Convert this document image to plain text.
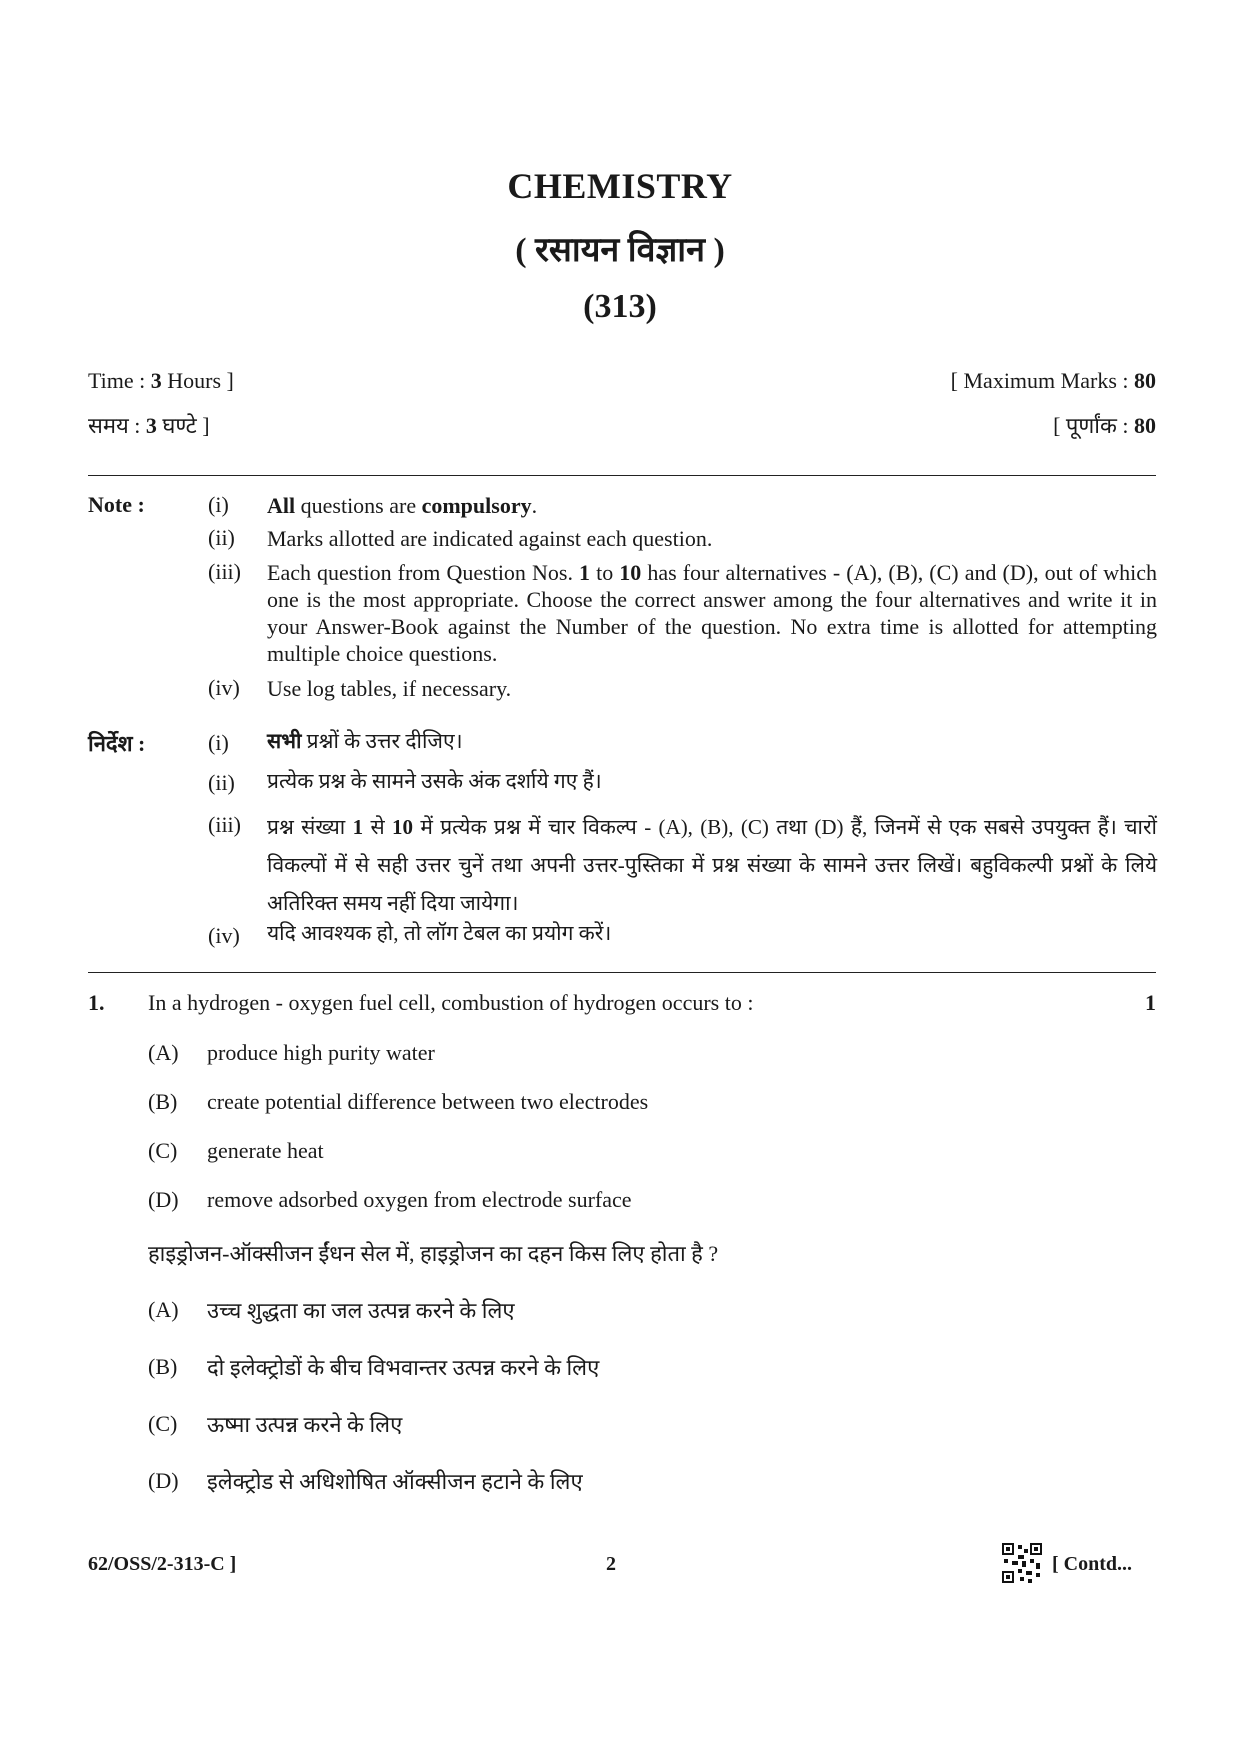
CHEMISTRY
( रसायन विज्ञान )
(313)
Time : 3 Hours ]	[ Maximum Marks : 80
समय : 3 घण्टे ]	[ पूर्णांक : 80
Note :	(i) All questions are compulsory.
(ii) Marks allotted are indicated against each question.
(iii) Each question from Question Nos. 1 to 10 has four alternatives - (A), (B), (C) and (D), out of which one is the most appropriate. Choose the correct answer among the four alternatives and write it in your Answer-Book against the Number of the question. No extra time is allotted for attempting multiple choice questions.
(iv) Use log tables, if necessary.
निर्देश :	(i) सभी प्रश्नों के उत्तर दीजिए।
(ii) प्रत्येक प्रश्न के सामने उसके अंक दर्शाये गए हैं।
(iii) प्रश्न संख्या 1 से 10 में प्रत्येक प्रश्न में चार विकल्प - (A), (B), (C) तथा (D) हैं, जिनमें से एक सबसे उपयुक्त हैं। चारों विकल्पों में से सही उत्तर चुनें तथा अपनी उत्तर-पुस्तिका में प्रश्न संख्या के सामने उत्तर लिखें। बहुविकल्पी प्रश्नों के लिये अतिरिक्त समय नहीं दिया जायेगा।
(iv) यदि आवश्यक हो, तो लॉग टेबल का प्रयोग करें।
1. In a hydrogen - oxygen fuel cell, combustion of hydrogen occurs to :	1
(A) produce high purity water
(B) create potential difference between two electrodes
(C) generate heat
(D) remove adsorbed oxygen from electrode surface
हाइड्रोजन-ऑक्सीजन ईंधन सेल में, हाइड्रोजन का दहन किस लिए होता है ?
(A) उच्च शुद्धता का जल उत्पन्न करने के लिए
(B) दो इलेक्ट्रोडों के बीच विभवान्तर उत्पन्न करने के लिए
(C) ऊष्मा उत्पन्न करने के लिए
(D) इलेक्ट्रोड से अधिशोषित ऑक्सीजन हटाने के लिए
62/OSS/2-313-C ]	2	[ Contd...
